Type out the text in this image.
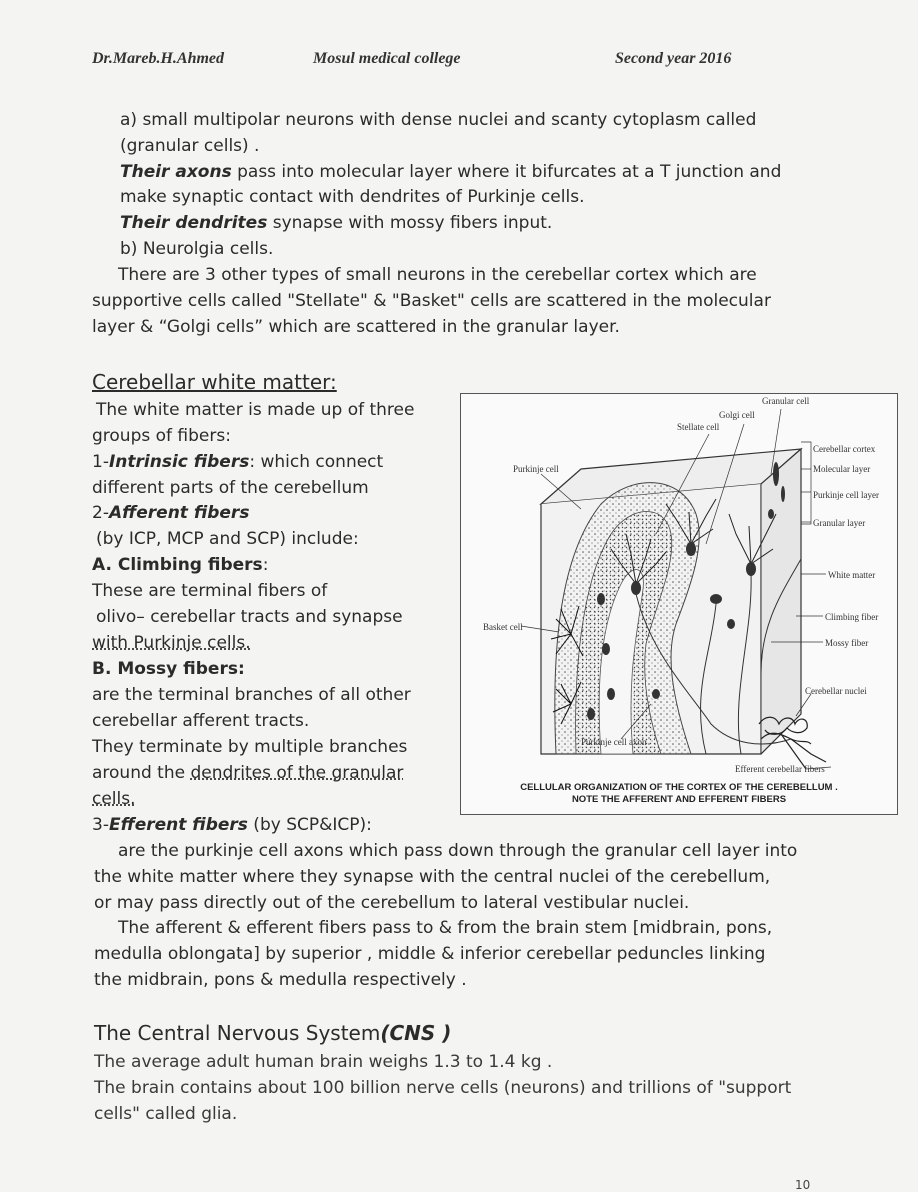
Dr.Mareb.H.Ahmed	Mosul medical college	Second year 2016
a) small multipolar neurons with dense nuclei and scanty cytoplasm called
(granular cells) .
Their axons pass into molecular layer where it bifurcates at a T junction and
make synaptic contact with dendrites of Purkinje cells.
Their dendrites synapse with mossy fibers input.
b) Neurolgia cells.
There are 3 other types of small neurons in the cerebellar cortex which are
supportive cells called "Stellate" & "Basket" cells are scattered in the molecular
layer & “Golgi cells” which are scattered in the granular layer.
Cerebellar white matter:
The white matter is made up of three
groups of fibers:
1-Intrinsic fibers: which connect
different parts of the cerebellum
2-Afferent fibers
(by ICP, MCP and SCP) include:
A. Climbing fibers:
These are terminal fibers of
olivo– cerebellar tracts and synapse
with Purkinje cells.
B. Mossy fibers:
are the terminal branches of all other
cerebellar afferent tracts.
They terminate by multiple branches
around the dendrites of the granular
cells.
3-Efferent fibers (by SCP&ICP):
are the purkinje cell axons which pass down through the granular cell layer into
the white matter where they synapse with the central nuclei of the cerebellum,
or may pass directly out of the cerebellum to lateral vestibular nuclei.
The afferent & efferent fibers pass to & from the brain stem [midbrain, pons,
medulla oblongata] by superior , middle & inferior cerebellar peduncles linking
the midbrain, pons & medulla respectively .
Granular cell
Golgi cell
Stellate cell
Purkinje cell
Cerebellar cortex
Molecular layer
Purkinje cell layer
Granular layer
White matter
Climbing fiber
Mossy fiber
Basket cell
Cerebellar nuclei
Purkinje cell axon
Efferent cerebellar fibers
CELLULAR ORGANIZATION OF THE CORTEX OF THE CEREBELLUM .
NOTE THE AFFERENT AND EFFERENT FIBERS
The Central Nervous System(CNS )
The average adult human brain weighs 1.3 to 1.4 kg .
The brain contains about 100 billion nerve cells (neurons) and trillions of "support
cells" called glia.
10
